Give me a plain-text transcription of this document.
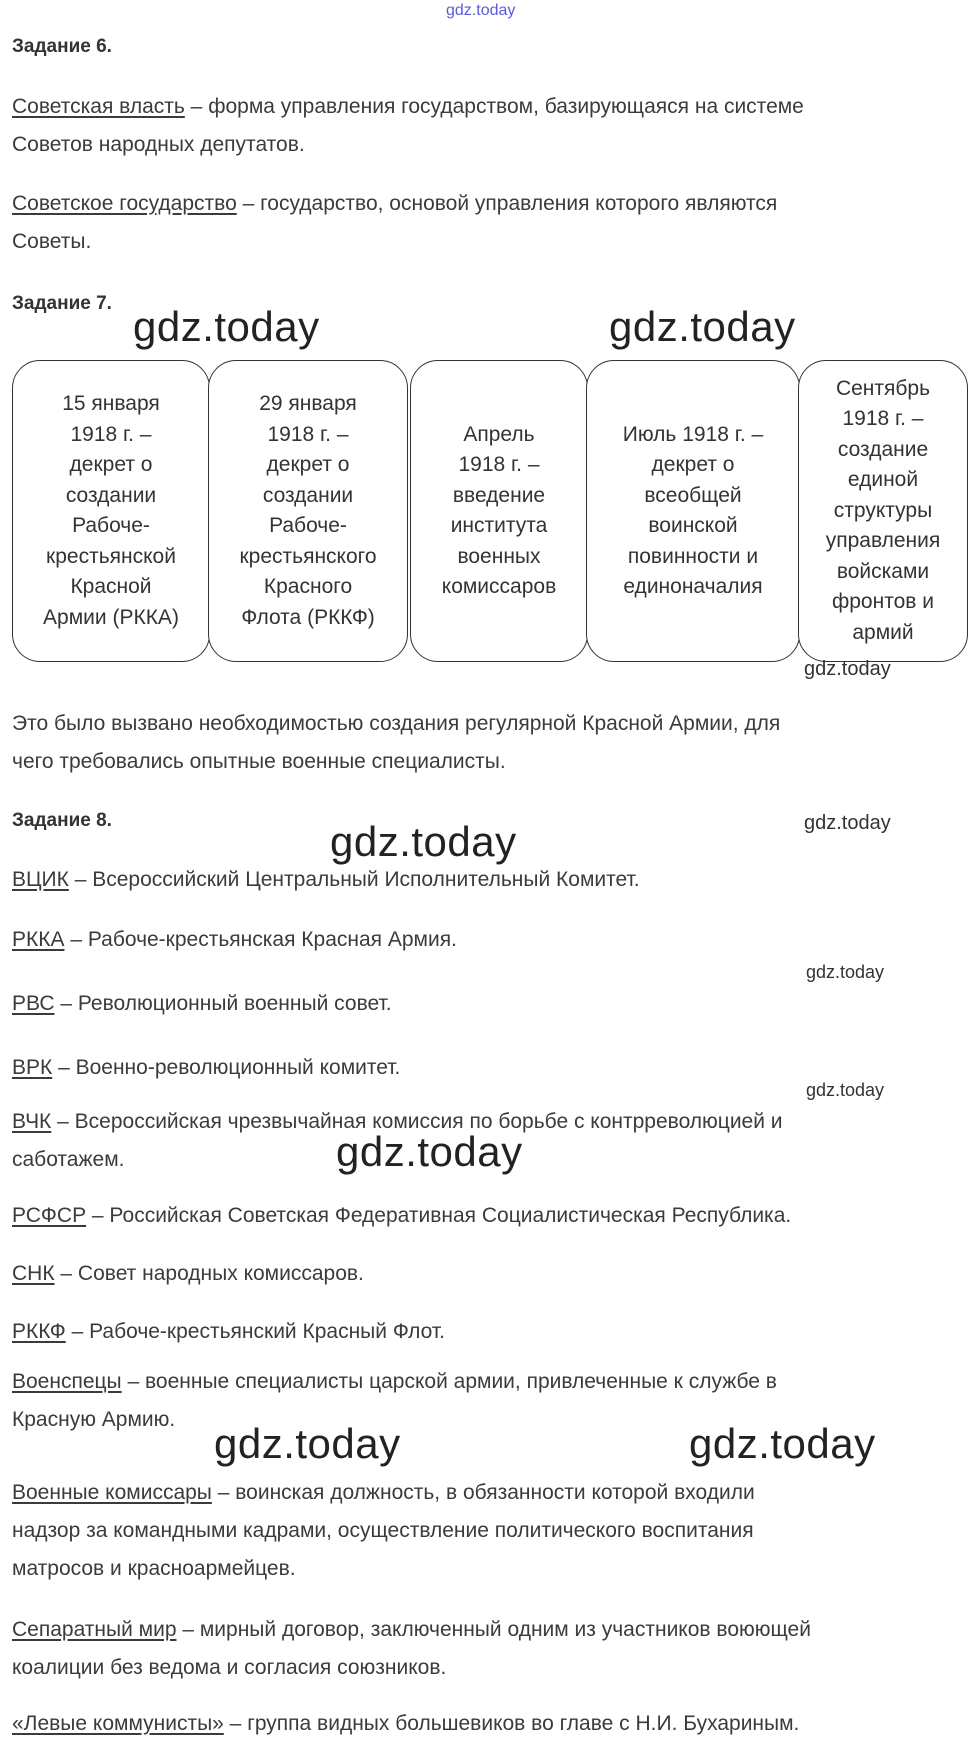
gdz.today
Задание 6.
Советская власть – форма управления государством, базирующаяся на системе
Советов народных депутатов.
Советское государство – государство, основой управления которого являются
Советы.
Задание 7. gdz.today	gdz.today
15 января
1918 г. –
декрет о
создании
Рабоче-
крестьянской
Красной
Армии (РККА)
29 января
1918 г. –
декрет о
создании
Рабоче-
крестьянского
Красного
Флота (РККФ)
Апрель
1918 г. –
введение
института
военных
комиссаров
Июль 1918 г. –
декрет о
всеобщей
воинской
повинности и
единоначалия
Сентябрь
1918 г. –
создание
единой
структуры
управления
войсками
фронтов и
армий
gdz.today
Это было вызвано необходимостью создания регулярной Красной Армии, для
чего требовались опытные военные специалисты.
Задание 8.	gdz.today
gdz.today
ВЦИК – Всероссийский Центральный Исполнительный Комитет.
РККА – Рабоче-крестьянская Красная Армия.
gdz.today
РВС – Революционный военный совет.
ВРК – Военно-революционный комитет.
gdz.today
ВЧК – Всероссийская чрезвычайная комиссия по борьбе с контрреволюцией и
саботажем.	gdz.today
РСФСР – Российская Советская Федеративная Социалистическая Республика.
СНК – Совет народных комиссаров.
РККФ – Рабоче-крестьянский Красный Флот.
Военспецы – военные специалисты царской армии, привлеченные к службе в
Красную Армию.
gdz.today	gdz.today
Военные комиссары – воинская должность, в обязанности которой входили
надзор за командными кадрами, осуществление политического воспитания
матросов и красноармейцев.
Сепаратный мир – мирный договор, заключенный одним из участников воюющей
коалиции без ведома и согласия союзников.
«Левые коммунисты» – группа видных большевиков во главе с Н.И. Бухариным.
